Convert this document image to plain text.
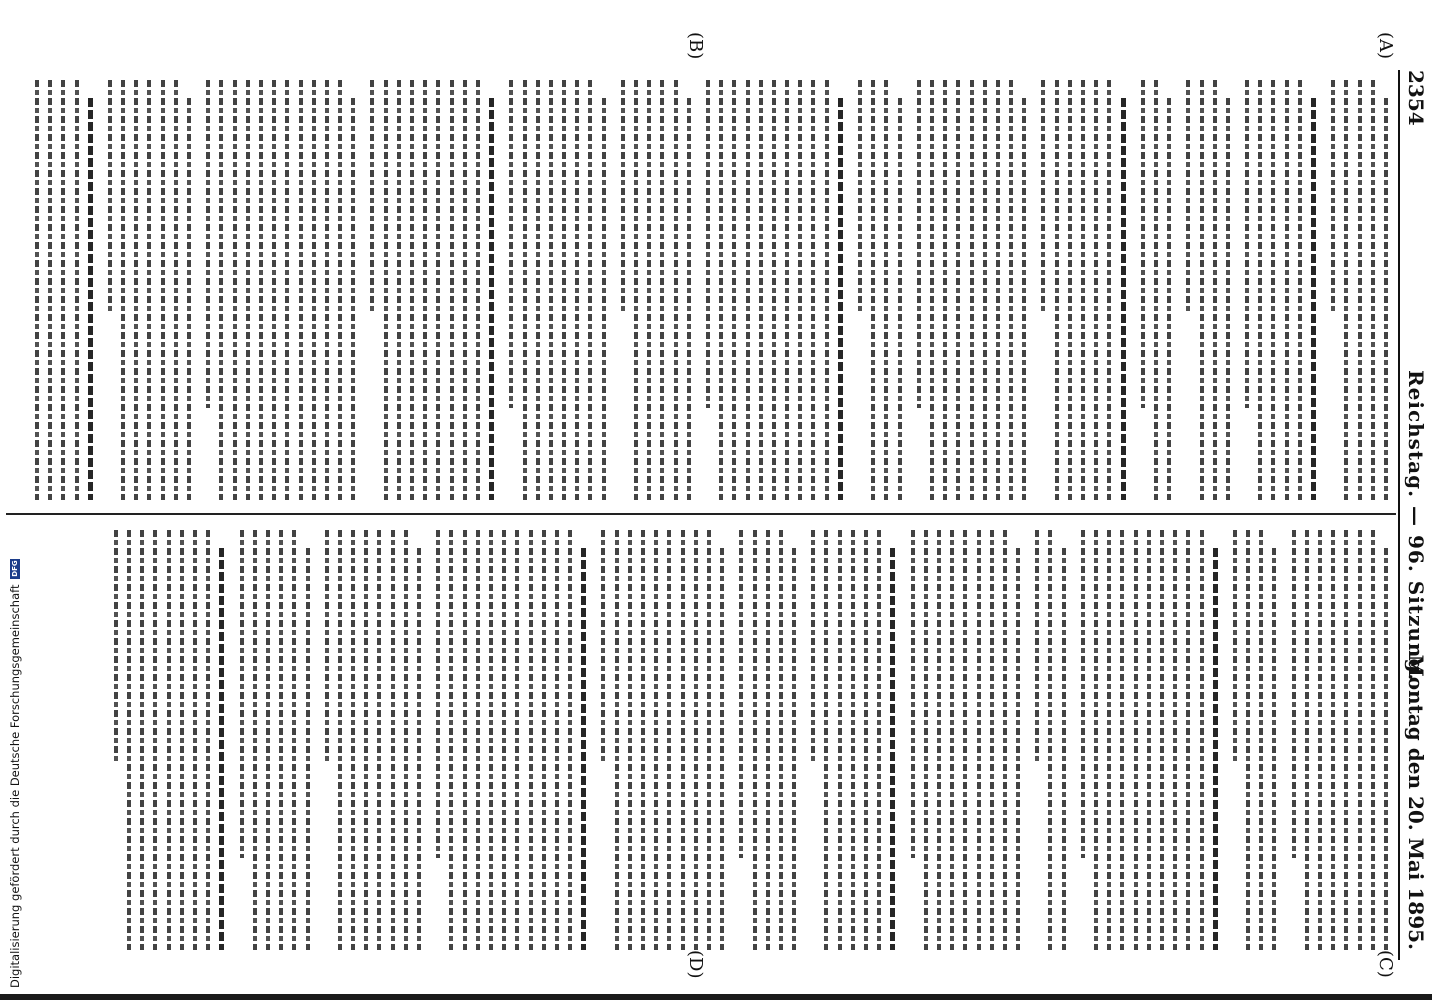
Digitalisierung gefördert durch die Deutsche Forschungsgemeinschaft
DFG
2354
Reichstag. — 96. Sitzung.
Montag den 20. Mai 1895.
(A)
(B)
(C)
(D)
